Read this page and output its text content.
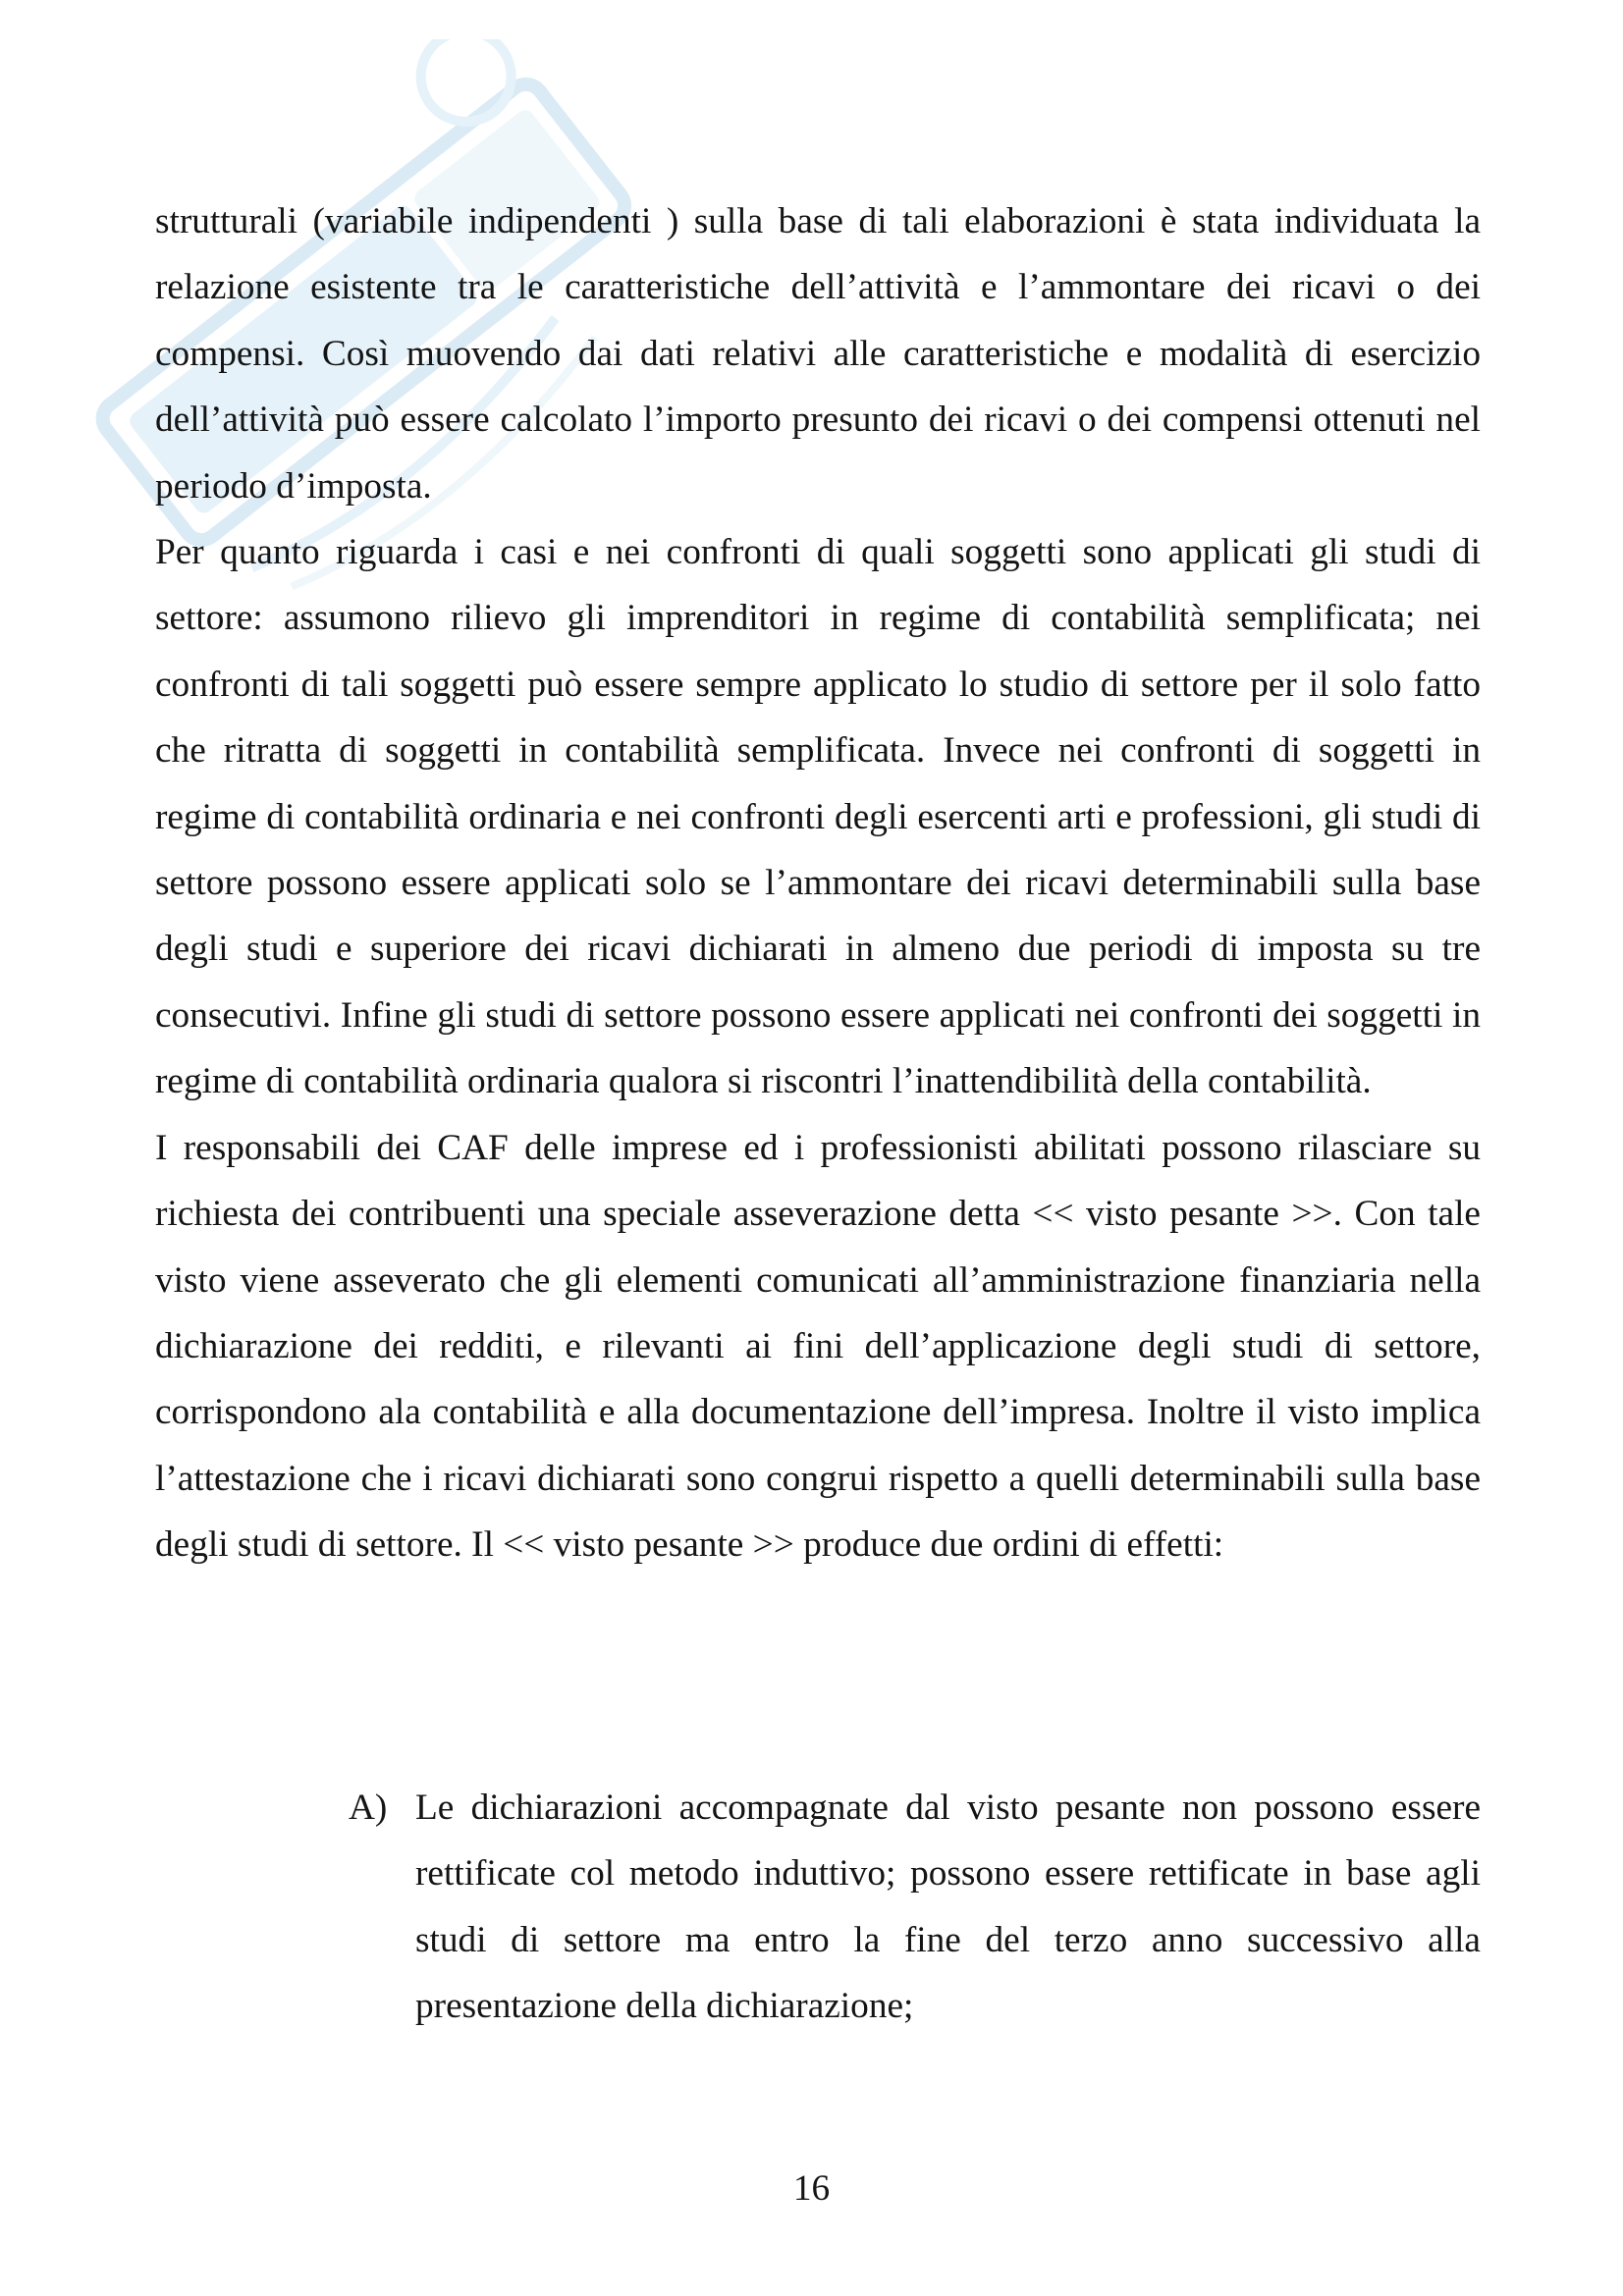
strutturali (variabile indipendenti ) sulla base di tali elaborazioni è stata individuata la relazione esistente tra le caratteristiche dell’attività e l’ammontare dei ricavi o dei compensi. Così muovendo dai dati relativi alle caratteristiche e modalità di esercizio dell’attività può essere calcolato l’importo presunto dei ricavi o dei compensi ottenuti nel periodo d’imposta.

Per quanto riguarda i casi e nei confronti di quali soggetti sono applicati gli studi di settore: assumono rilievo gli imprenditori in regime di contabilità semplificata; nei confronti di tali soggetti può essere sempre applicato lo studio di settore per il solo fatto che ritratta di soggetti in contabilità semplificata. Invece nei confronti di soggetti in regime di contabilità ordinaria e nei confronti degli esercenti arti e professioni, gli studi di settore possono essere applicati solo se l’ammontare dei ricavi determinabili sulla base degli studi e superiore dei ricavi dichiarati in almeno due periodi di imposta su tre consecutivi. Infine gli studi di settore possono essere applicati nei confronti dei soggetti in regime di contabilità ordinaria qualora si riscontri l’inattendibilità della contabilità.

I responsabili dei CAF delle imprese ed i professionisti abilitati possono rilasciare su richiesta dei contribuenti una speciale asseverazione detta << visto pesante >>. Con tale visto viene asseverato che gli elementi comunicati all’amministrazione finanziaria nella dichiarazione dei redditi, e rilevanti ai fini dell’applicazione degli studi di settore, corrispondono ala contabilità e alla documentazione dell’impresa. Inoltre il visto implica l’attestazione che i ricavi dichiarati sono congrui rispetto a quelli determinabili sulla base degli studi di settore. Il << visto pesante >> produce due ordini di effetti:

A) Le dichiarazioni accompagnate dal visto pesante non possono essere rettificate col metodo induttivo; possono essere rettificate in base agli studi di settore ma entro la fine del terzo anno successivo alla presentazione della dichiarazione;

16
